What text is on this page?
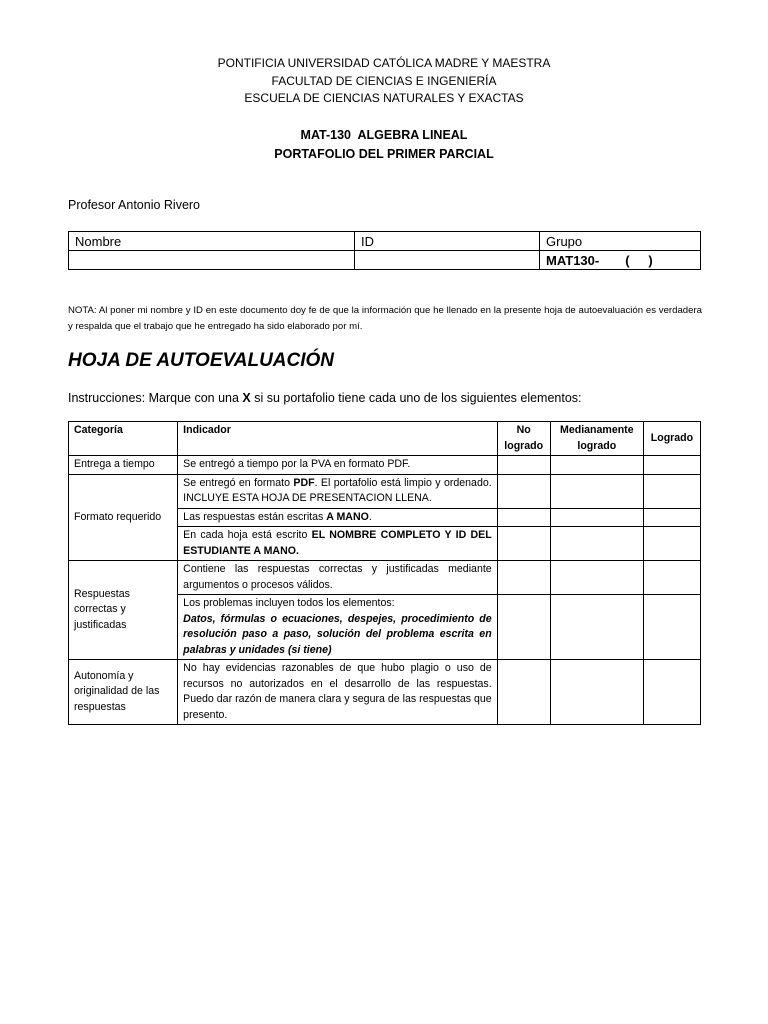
PONTIFICIA UNIVERSIDAD CATÓLICA MADRE Y MAESTRA
FACULTAD DE CIENCIAS E INGENIERÍA
ESCUELA DE CIENCIAS NATURALES Y EXACTAS
MAT-130  ALGEBRA LINEAL
PORTAFOLIO DEL PRIMER PARCIAL
Profesor Antonio Rivero
Nombre	ID	Grupo
		MAT130- (   )
NOTA: Al poner mi nombre y ID en este documento doy fe de que la información que he llenado en la presente hoja de autoevaluación es verdadera y respalda que el trabajo que he entregado ha sido elaborado por mí.
HOJA DE AUTOEVALUACIÓN
Instrucciones: Marque con una X si su portafolio tiene cada uno de los siguientes elementos:
Categoría	Indicador	No logrado	Medianamente logrado	Logrado
Entrega a tiempo	Se entregó a tiempo por la PVA en formato PDF.			
Formato requerido	Se entregó en formato PDF. El portafolio está limpio y ordenado. INCLUYE ESTA HOJA DE PRESENTACION LLENA.			
	Las respuestas están escritas A MANO.			
	En cada hoja está escrito EL NOMBRE COMPLETO Y ID DEL ESTUDIANTE A MANO.			
Respuestas correctas y justificadas	Contiene las respuestas correctas y justificadas mediante argumentos o procesos válidos.			
	Los problemas incluyen todos los elementos:
Datos, fórmulas o ecuaciones, despejes, procedimiento de resolución paso a paso, solución del problema escrita en palabras y unidades (si tiene)			
Autonomía y originalidad de las respuestas	No hay evidencias razonables de que hubo plagio o uso de recursos no autorizados en el desarrollo de las respuestas. Puedo dar razón de manera clara y segura de las respuestas que presento.			
